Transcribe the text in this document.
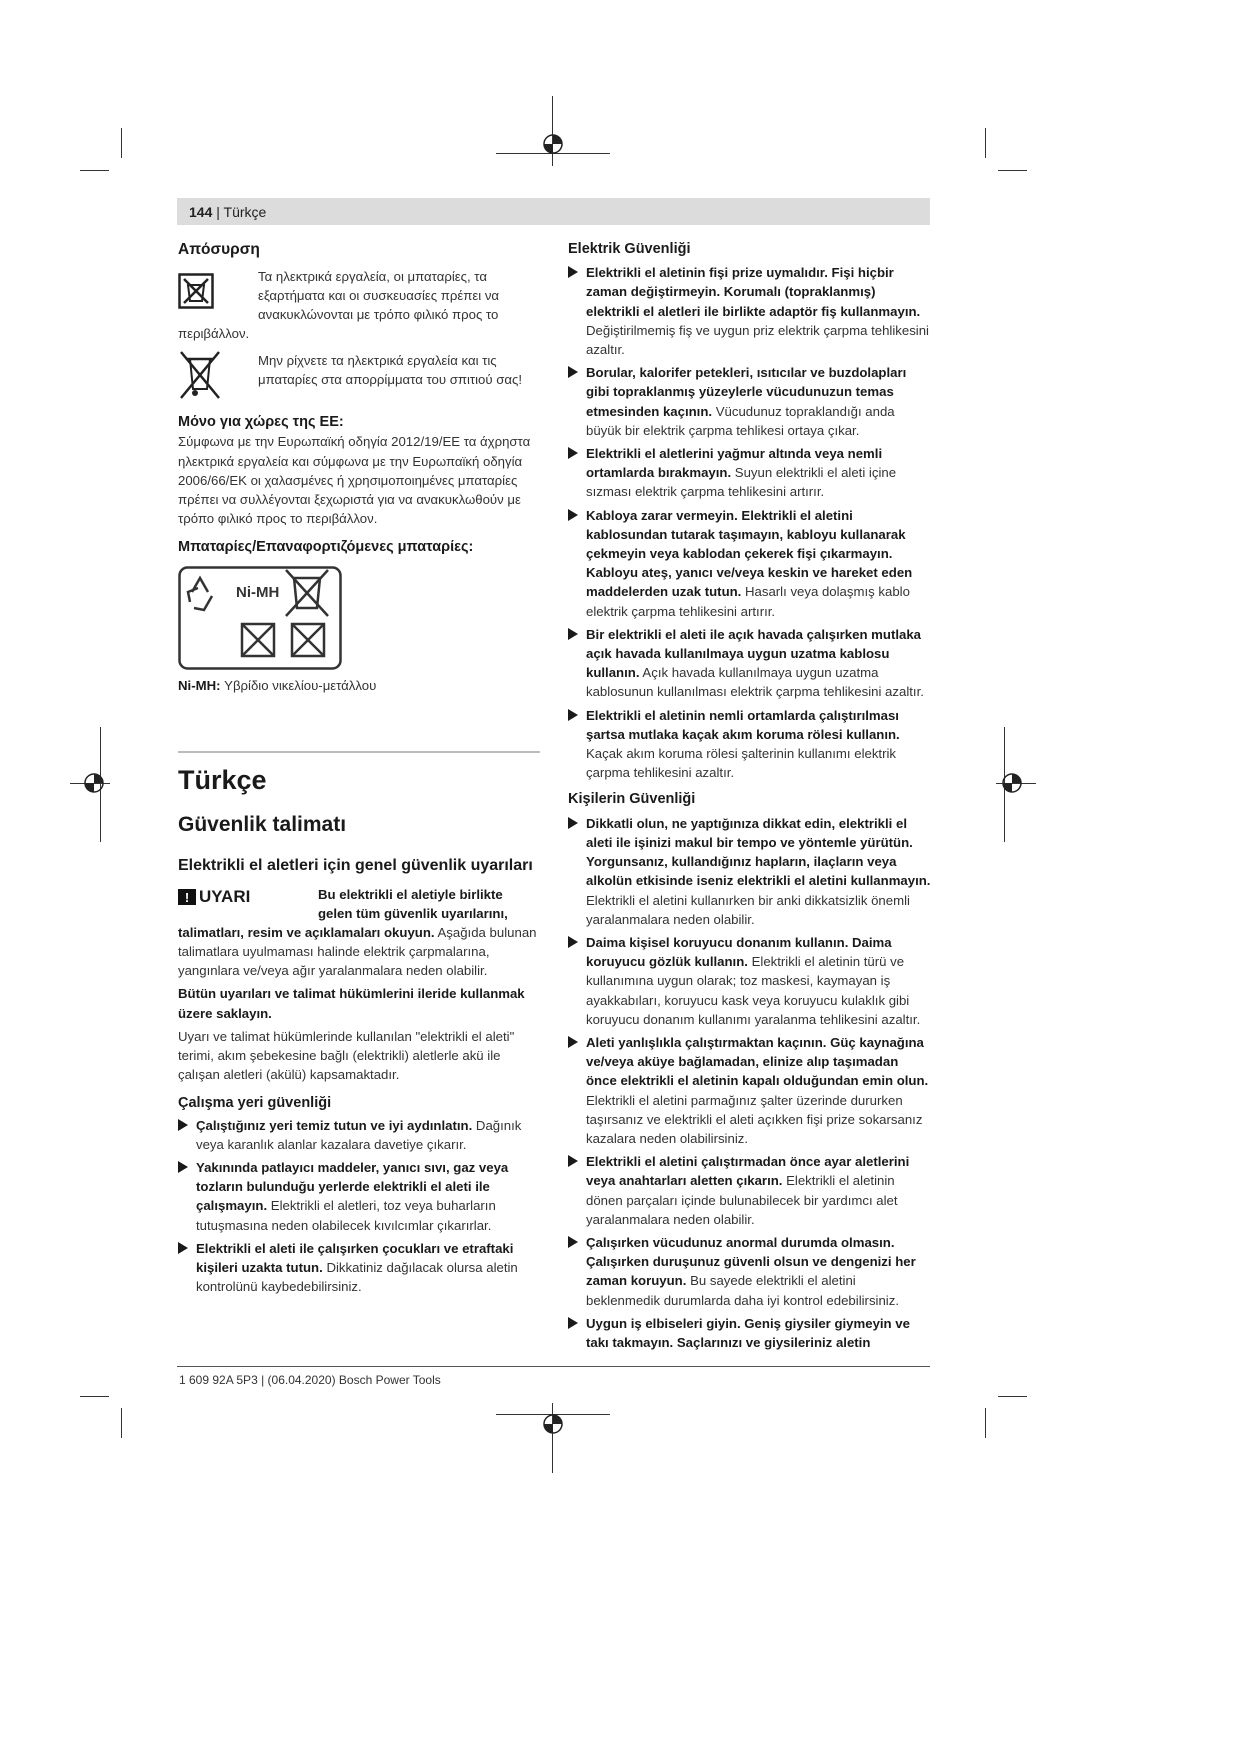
144 | Türkçe
Απόσυρση

Τα ηλεκτρικά εργαλεία, οι μπαταρίες, τα

εξαρτήματα και οι συσκευασίες πρέπει να

ανακυκλώνονται με τρόπο φιλικό προς το

περιβάλλον.

Μην ρίχνετε τα ηλεκτρικά εργαλεία και τις

μπαταρίες στα απορρίμματα του σπιτιού σας!

Μόνο για χώρες της ΕΕ:

Σύμφωνα με την Ευρωπαϊκή οδηγία 2012/19/ΕΕ τα άχρηστα ηλεκτρικά εργαλεία και σύμφωνα με την Ευρωπαϊκή οδηγία 2006/66/ΕΚ οι χαλασμένες ή χρησιμοποιημένες μπαταρίες πρέπει να συλλέγονται ξεχωριστά για να ανακυκλωθούν με τρόπο φιλικό προς το περιβάλλον.

Μπαταρίες/Επαναφορτιζόμενες μπαταρίες:
Ni-MH

Ni-MH: Υβρίδιο νικελίου-μετάλλου

Türkçe
Güvenlik talimatı
Elektrikli el aletleri için genel güvenlik uyarıları
! UYARI	Bu elektrikli el aletiyle birlikte

gelen tüm güvenlik uyarılarını,

talimatları, resim ve açıklamaları okuyun. Aşağıda bulunan talimatlara uyulmaması halinde elektrik çarpmalarına, yangınlara ve/veya ağır yaralanmalara neden olabilir.

Bütün uyarıları ve talimat hükümlerini ileride kullanmak üzere saklayın.

Uyarı ve talimat hükümlerinde kullanılan "elektrikli el aleti" terimi, akım şebekesine bağlı (elektrikli) aletlerle akü ile çalışan aletleri (akülü) kapsamaktadır.

Çalışma yeri güvenliği
Çalıştığınız yeri temiz tutun ve iyi aydınlatın. Dağınık veya karanlık alanlar kazalara davetiye çıkarır.
Yakınında patlayıcı maddeler, yanıcı sıvı, gaz veya tozların bulunduğu yerlerde elektrikli el aleti ile çalışmayın. Elektrikli el aletleri, toz veya buharların tutuşmasına neden olabilecek kıvılcımlar çıkarırlar.
Elektrikli el aleti ile çalışırken çocukları ve etraftaki kişileri uzakta tutun. Dikkatiniz dağılacak olursa aletin kontrolünü kaybedebilirsiniz.
Elektrik Güvenliği
Elektrikli el aletinin fişi prize uymalıdır. Fişi hiçbir zaman değiştirmeyin. Korumalı (topraklanmış) elektrikli el aletleri ile birlikte adaptör fiş kullanmayın. Değiştirilmemiş fiş ve uygun priz elektrik çarpma tehlikesini azaltır.
Borular, kalorifer petekleri, ısıtıcılar ve buzdolapları gibi topraklanmış yüzeylerle vücudunuzun temas etmesinden kaçının. Vücudunuz topraklandığı anda büyük bir elektrik çarpma tehlikesi ortaya çıkar.
Elektrikli el aletlerini yağmur altında veya nemli ortamlarda bırakmayın. Suyun elektrikli el aleti içine sızması elektrik çarpma tehlikesini artırır.
Kabloya zarar vermeyin. Elektrikli el aletini kablosundan tutarak taşımayın, kabloyu kullanarak çekmeyin veya kablodan çekerek fişi çıkarmayın. Kabloyu ateş, yanıcı ve/veya keskin ve hareket eden maddelerden uzak tutun. Hasarlı veya dolaşmış kablo elektrik çarpma tehlikesini artırır.
Bir elektrikli el aleti ile açık havada çalışırken mutlaka açık havada kullanılmaya uygun uzatma kablosu kullanın. Açık havada kullanılmaya uygun uzatma kablosunun kullanılması elektrik çarpma tehlikesini azaltır.
Elektrikli el aletinin nemli ortamlarda çalıştırılması şartsa mutlaka kaçak akım koruma rölesi kullanın. Kaçak akım koruma rölesi şalterinin kullanımı elektrik çarpma tehlikesini azaltır.
Kişilerin Güvenliği
Dikkatli olun, ne yaptığınıza dikkat edin, elektrikli el aleti ile işinizi makul bir tempo ve yöntemle yürütün. Yorgunsanız, kullandığınız hapların, ilaçların veya alkolün etkisinde iseniz elektrikli el aletini kullanmayın. Elektrikli el aletini kullanırken bir anki dikkatsizlik önemli yaralanmalara neden olabilir.
Daima kişisel koruyucu donanım kullanın. Daima koruyucu gözlük kullanın. Elektrikli el aletinin türü ve kullanımına uygun olarak; toz maskesi, kaymayan iş ayakkabıları, koruyucu kask veya koruyucu kulaklık gibi koruyucu donanım kullanımı yaralanma tehlikesini azaltır.
Aleti yanlışlıkla çalıştırmaktan kaçının. Güç kaynağına ve/veya aküye bağlamadan, elinize alıp taşımadan önce elektrikli el aletinin kapalı olduğundan emin olun. Elektrikli el aletini parmağınız şalter üzerinde dururken taşırsanız ve elektrikli el aleti açıkken fişi prize sokarsanız kazalara neden olabilirsiniz.
Elektrikli el aletini çalıştırmadan önce ayar aletlerini veya anahtarları aletten çıkarın. Elektrikli el aletinin dönen parçaları içinde bulunabilecek bir yardımcı alet yaralanmalara neden olabilir.
Çalışırken vücudunuz anormal durumda olmasın. Çalışırken duruşunuz güvenli olsun ve dengenizi her zaman koruyun. Bu sayede elektrikli el aletini beklenmedik durumlarda daha iyi kontrol edebilirsiniz.
Uygun iş elbiseleri giyin. Geniş giysiler giymeyin ve takı takmayın. Saçlarınızı ve giysileriniz aletin
1 609 92A 5P3 | (06.04.2020) Bosch Power Tools
